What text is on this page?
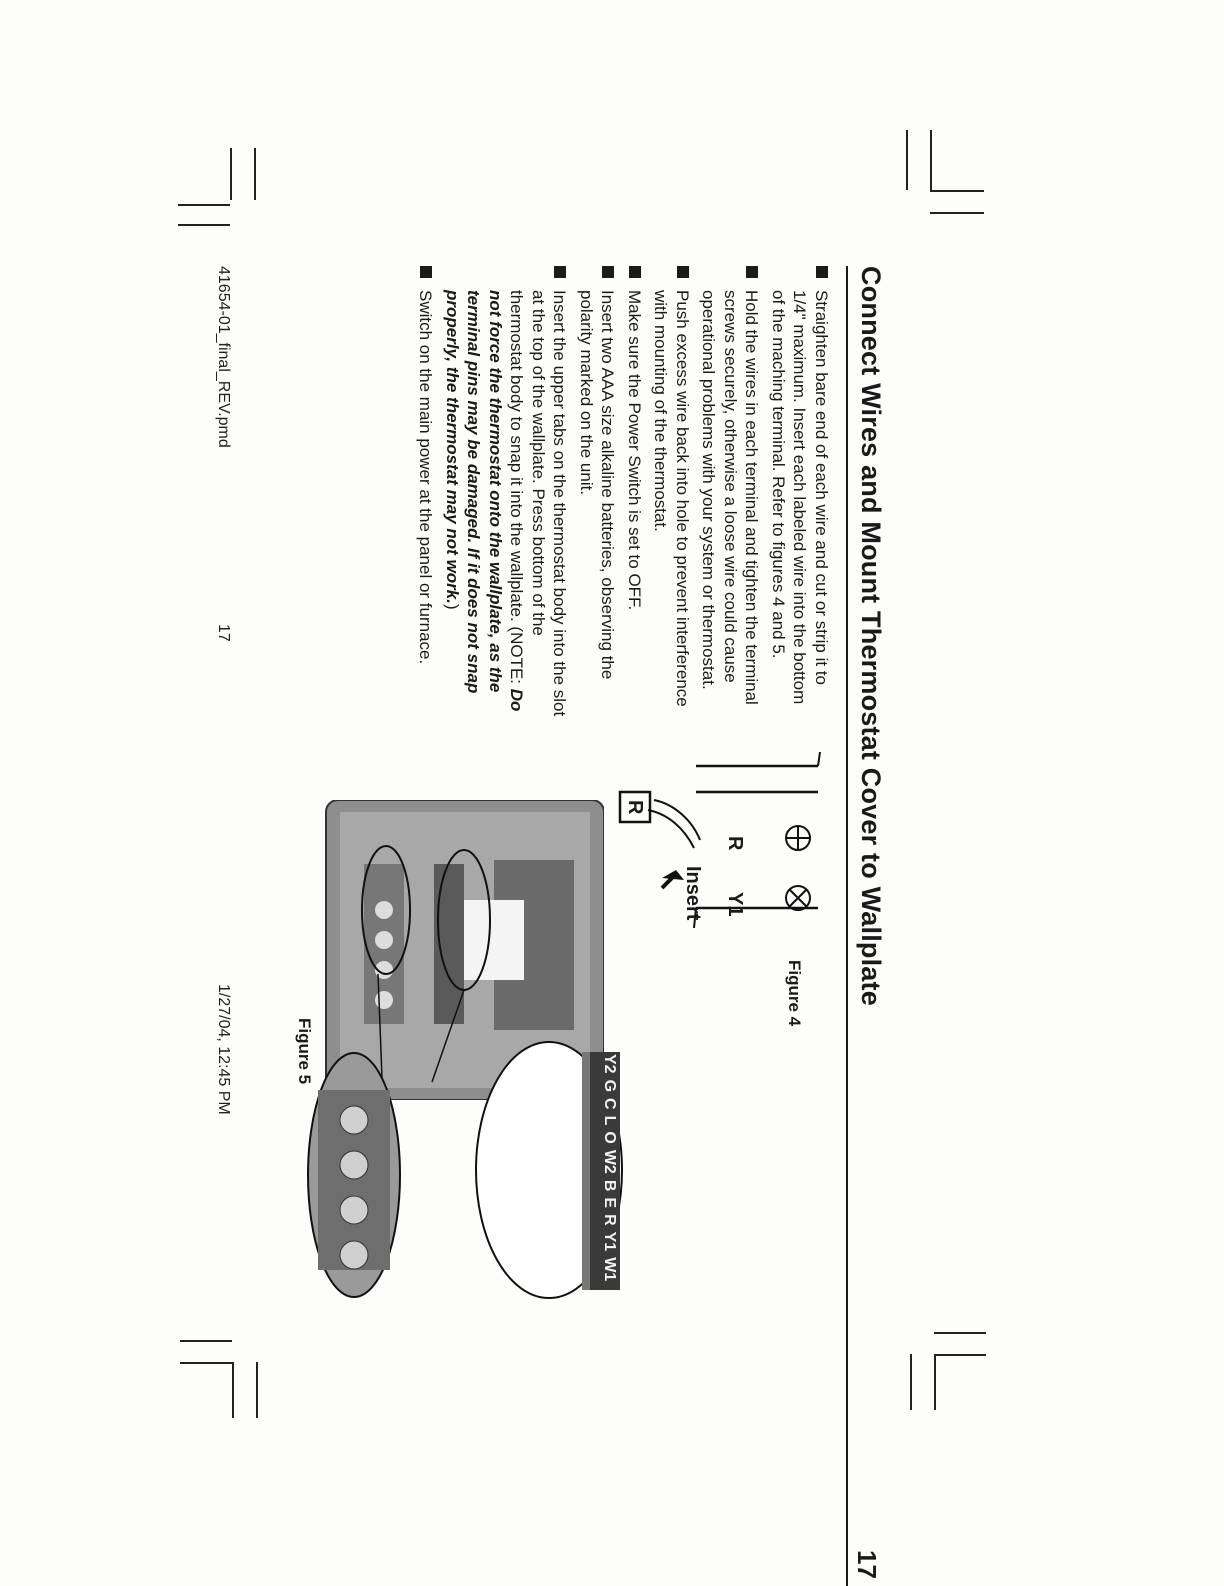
Connect Wires and Mount Thermostat Cover to Wallplate
17
Straighten bare end of each wire and cut or strip it to 1/4" maximum. Insert each labeled wire into the bottom of the maching terminal. Refer to figures 4 and 5.
Hold the wires in each terminal and tighten the terminal screws securely, otherwise a loose wire could cause operational problems with your system or thermostat.
Push excess wire back into hole to prevent interference with mounting of the thermostat.
Make sure the Power Switch is set to OFF.
Insert two AAA size alkaline batteries, observing the polarity marked on the unit.
Insert the upper tabs on the thermostat body into the slot at the top of the wallplate. Press bottom of the thermostat body to snap it into the wallplate. (NOTE: Do not force the thermostat onto the wallplate, as the terminal pins may be damaged. If it does not snap properly, the thermostat may not work.)
Switch on the main power at the panel or furnace.
R
Y1
R
Insert
Figure 4
Y2
G
C
L
O
W2
B
E
R
Y1
W1
Figure 5
41654-01_final_REV.pmd
17
1/27/04, 12:45 PM
